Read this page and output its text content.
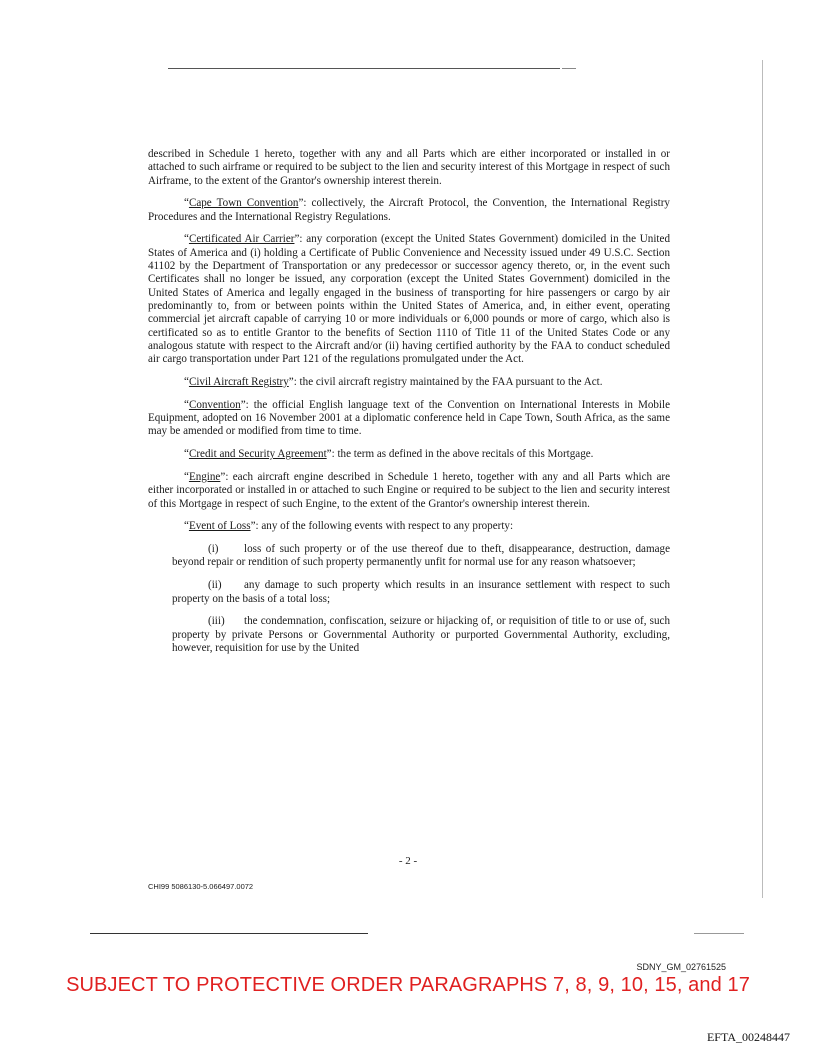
described in Schedule 1 hereto, together with any and all Parts which are either incorporated or installed in or attached to such airframe or required to be subject to the lien and security interest of this Mortgage in respect of such Airframe, to the extent of the Grantor's ownership interest therein.

“Cape Town Convention”: collectively, the Aircraft Protocol, the Convention, the International Registry Procedures and the International Registry Regulations.

“Certificated Air Carrier”: any corporation (except the United States Government) domiciled in the United States of America and (i) holding a Certificate of Public Convenience and Necessity issued under 49 U.S.C. Section 41102 by the Department of Transportation or any predecessor or successor agency thereto, or, in the event such Certificates shall no longer be issued, any corporation (except the United States Government) domiciled in the United States of America and legally engaged in the business of transporting for hire passengers or cargo by air predominantly to, from or between points within the United States of America, and, in either event, operating commercial jet aircraft capable of carrying 10 or more individuals or 6,000 pounds or more of cargo, which also is certificated so as to entitle Grantor to the benefits of Section 1110 of Title 11 of the United States Code or any analogous statute with respect to the Aircraft and/or (ii) having certified authority by the FAA to conduct scheduled air cargo transportation under Part 121 of the regulations promulgated under the Act.

“Civil Aircraft Registry”: the civil aircraft registry maintained by the FAA pursuant to the Act.

“Convention”: the official English language text of the Convention on International Interests in Mobile Equipment, adopted on 16 November 2001 at a diplomatic conference held in Cape Town, South Africa, as the same may be amended or modified from time to time.

“Credit and Security Agreement”: the term as defined in the above recitals of this Mortgage.

“Engine”: each aircraft engine described in Schedule 1 hereto, together with any and all Parts which are either incorporated or installed in or attached to such Engine or required to be subject to the lien and security interest of this Mortgage in respect of such Engine, to the extent of the Grantor's ownership interest therein.

“Event of Loss”: any of the following events with respect to any property:

(i) loss of such property or of the use thereof due to theft, disappearance, destruction, damage beyond repair or rendition of such property permanently unfit for normal use for any reason whatsoever;

(ii) any damage to such property which results in an insurance settlement with respect to such property on the basis of a total loss;

(iii) the condemnation, confiscation, seizure or hijacking of, or requisition of title to or use of, such property by private Persons or Governmental Authority or purported Governmental Authority, excluding, however, requisition for use by the United

- 2 -
CHI99 5086130-5.066497.0072
SDNY_GM_02761525
SUBJECT TO PROTECTIVE ORDER PARAGRAPHS 7, 8, 9, 10, 15, and 17
EFTA_00248447
